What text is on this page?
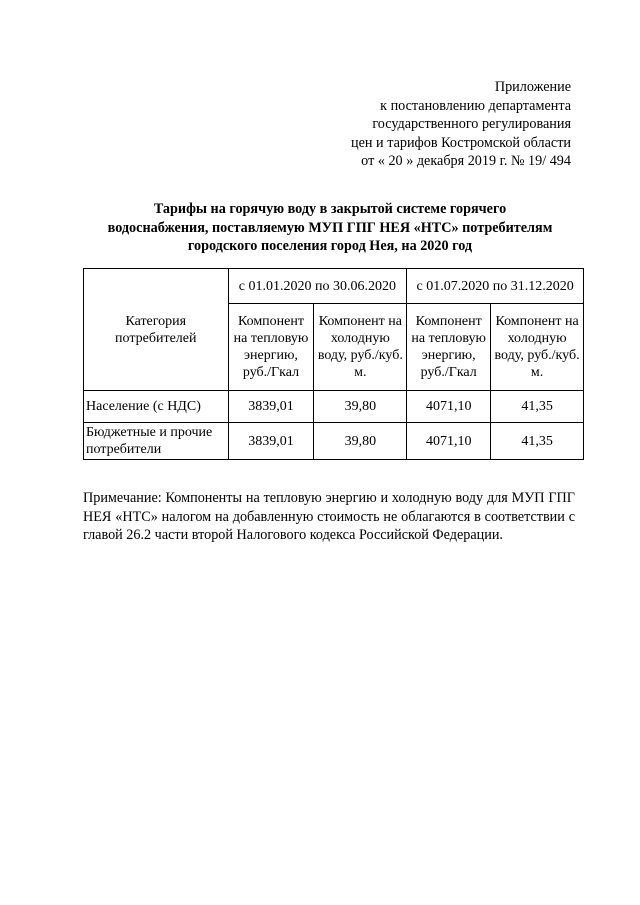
Приложение
к постановлению департамента
государственного регулирования
цен и тарифов Костромской области
от « 20 » декабря 2019 г. № 19/ 494
Тарифы на горячую воду в закрытой системе горячего
водоснабжения, поставляемую МУП ГПГ НЕЯ «НТС» потребителям
городского поселения город Нея, на 2020 год
Категория потребителей	с 01.01.2020 по 30.06.2020		с 01.07.2020 по 31.12.2020	
	Компонент на тепловую энергию, руб./Гкал	Компонент на холодную воду, руб./куб. м.	Компонент на тепловую энергию, руб./Гкал	Компонент на холодную воду, руб./куб. м.
Население (с НДС)	3839,01	39,80	4071,10	41,35
Бюджетные и прочие потребители	3839,01	39,80	4071,10	41,35
Примечание: Компоненты на тепловую энергию и холодную воду для МУП ГПГ НЕЯ «НТС» налогом на добавленную стоимость не облагаются в соответствии с главой 26.2 части второй Налогового кодекса Российской Федерации.
